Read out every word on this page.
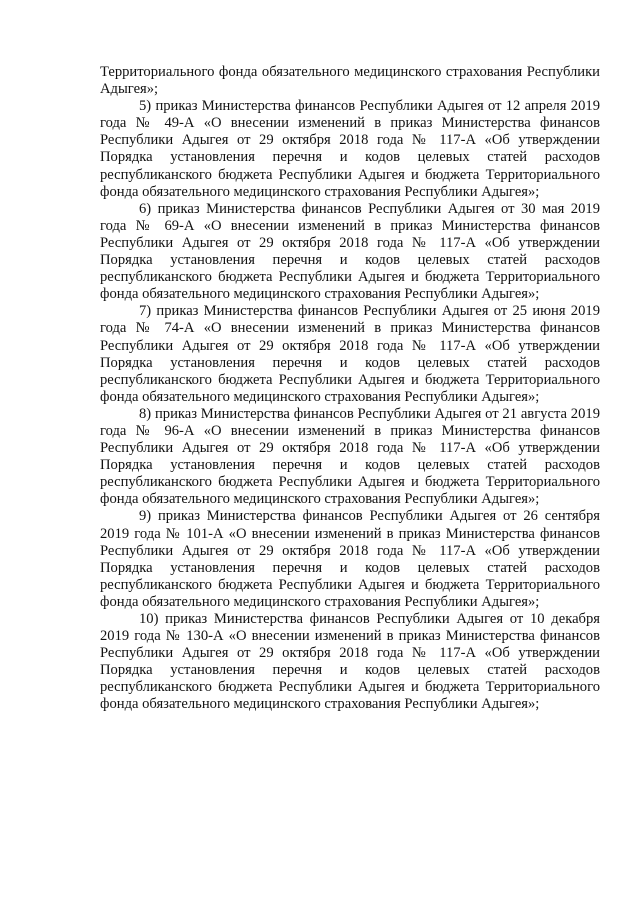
Территориального фонда обязательного медицинского страхования Республики Адыгея»;

5) приказ Министерства финансов Республики Адыгея от 12 апреля 2019 года № 49-А «О внесении изменений в приказ Министерства финансов Республики Адыгея от 29 октября 2018 года № 117-А «Об утверждении Порядка установления перечня и кодов целевых статей расходов республиканского бюджета Республики Адыгея и бюджета Территориального фонда обязательного медицинского страхования Республики Адыгея»;

6) приказ Министерства финансов Республики Адыгея от 30 мая 2019 года № 69-А «О внесении изменений в приказ Министерства финансов Республики Адыгея от 29 октября 2018 года № 117-А «Об утверждении Порядка установления перечня и кодов целевых статей расходов республиканского бюджета Республики Адыгея и бюджета Территориального фонда обязательного медицинского страхования Республики Адыгея»;

7) приказ Министерства финансов Республики Адыгея от 25 июня 2019 года № 74-А «О внесении изменений в приказ Министерства финансов Республики Адыгея от 29 октября 2018 года № 117-А «Об утверждении Порядка установления перечня и кодов целевых статей расходов республиканского бюджета Республики Адыгея и бюджета Территориального фонда обязательного медицинского страхования Республики Адыгея»;

8) приказ Министерства финансов Республики Адыгея от 21 августа 2019 года № 96-А «О внесении изменений в приказ Министерства финансов Республики Адыгея от 29 октября 2018 года № 117-А «Об утверждении Порядка установления перечня и кодов целевых статей расходов республиканского бюджета Республики Адыгея и бюджета Территориального фонда обязательного медицинского страхования Республики Адыгея»;

9) приказ Министерства финансов Республики Адыгея от 26 сентября 2019 года № 101-А «О внесении изменений в приказ Министерства финансов Республики Адыгея от 29 октября 2018 года № 117-А «Об утверждении Порядка установления перечня и кодов целевых статей расходов республиканского бюджета Республики Адыгея и бюджета Территориального фонда обязательного медицинского страхования Республики Адыгея»;

10) приказ Министерства финансов Республики Адыгея от 10 декабря 2019 года № 130-А «О внесении изменений в приказ Министерства финансов Республики Адыгея от 29 октября 2018 года № 117-А «Об утверждении Порядка установления перечня и кодов целевых статей расходов республиканского бюджета Республики Адыгея и бюджета Территориального фонда обязательного медицинского страхования Республики Адыгея»;
